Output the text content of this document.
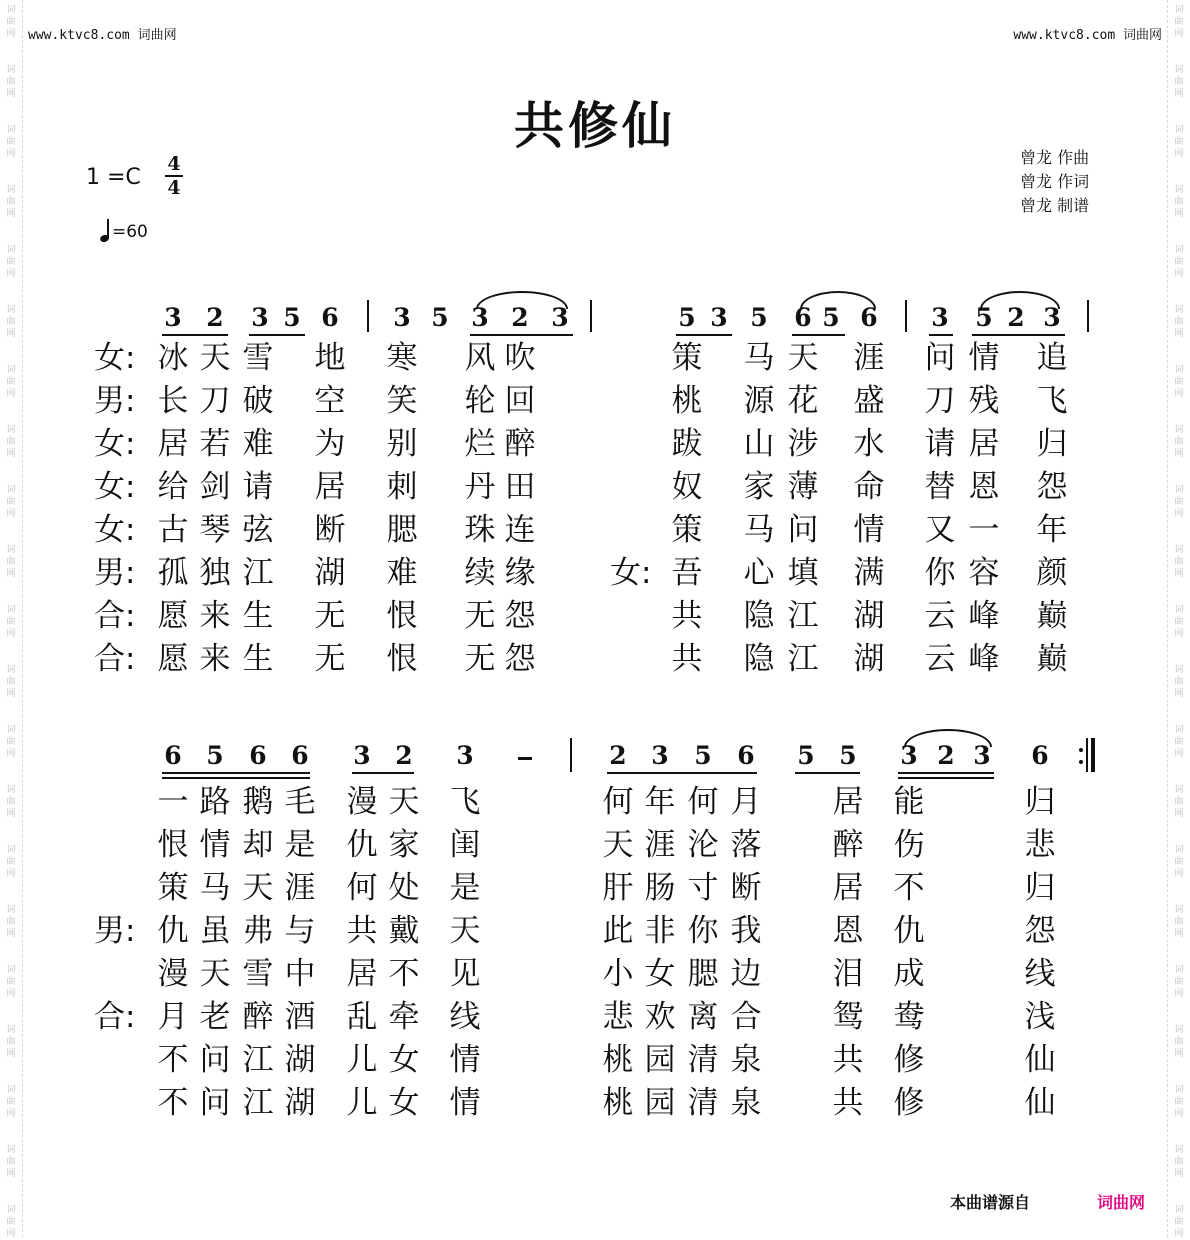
词曲网
词曲网
词曲网
词曲网
词曲网
词曲网
词曲网
词曲网
词曲网
词曲网
词曲网
词曲网
词曲网
词曲网
词曲网
词曲网
词曲网
词曲网
词曲网
词曲网
词曲网
词曲网
词曲网
词曲网
词曲网
词曲网
词曲网
词曲网
词曲网
词曲网
词曲网
词曲网
词曲网
词曲网
词曲网
词曲网
词曲网
词曲网
词曲网
词曲网
词曲网
词曲网
www.ktvc8.com 词曲网	www.ktvc8.com 词曲网
共修仙
1 =C
4
4
=60
曾龙 作曲
曾龙 作词
曾龙 制谱
3 2 3 5 6 3 5 3 2 3	5 3 5 6 5 6 3 5 2 3
女: 冰 天 雪 地 寒 风 吹	策 马 天 涯 问 情 追
男: 长 刀 破 空 笑 轮 回	桃 源 花 盛 刀 残 飞
女: 居 若 难 为 别 烂 醉	跋 山 涉 水 请 居 归
女: 给 剑 请 居 刺 丹 田	奴 家 薄 命 替 恩 怨
女: 古 琴 弦 断 腮 珠 连	策 马 问 情 又 一 年
男: 孤 独 江 湖 难 续 缘 女: 吾 心 填 满 你 容 颜
合: 愿 来 生 无 恨 无 怨	共 隐 江 湖 云 峰 巅
合: 愿 来 生 无 恨 无 怨	共 隐 江 湖 云 峰 巅
6 5 6 6 3 2 3	2 3 5 6 5 5 3 2 3 6
一 路 鹅 毛 漫 天 飞	何 年 何 月 居 能	归
恨 情 却 是 仇 家 闺	天 涯 沦 落 醉 伤	悲
策 马 天 涯 何 处 是	肝 肠 寸 断 居 不	归
男: 仇 虽 弗 与 共 戴 天	此 非 你 我 恩 仇	怨
漫 天 雪 中 居 不 见	小 女 腮 边 泪 成	线
合: 月 老 醉 酒 乱 牵 线	悲 欢 离 合 鸳 鸯	浅
不 问 江 湖 儿 女 情	桃 园 清 泉 共 修	仙
不 问 江 湖 儿 女 情	桃 园 清 泉 共 修	仙
本曲谱源自	词曲网
